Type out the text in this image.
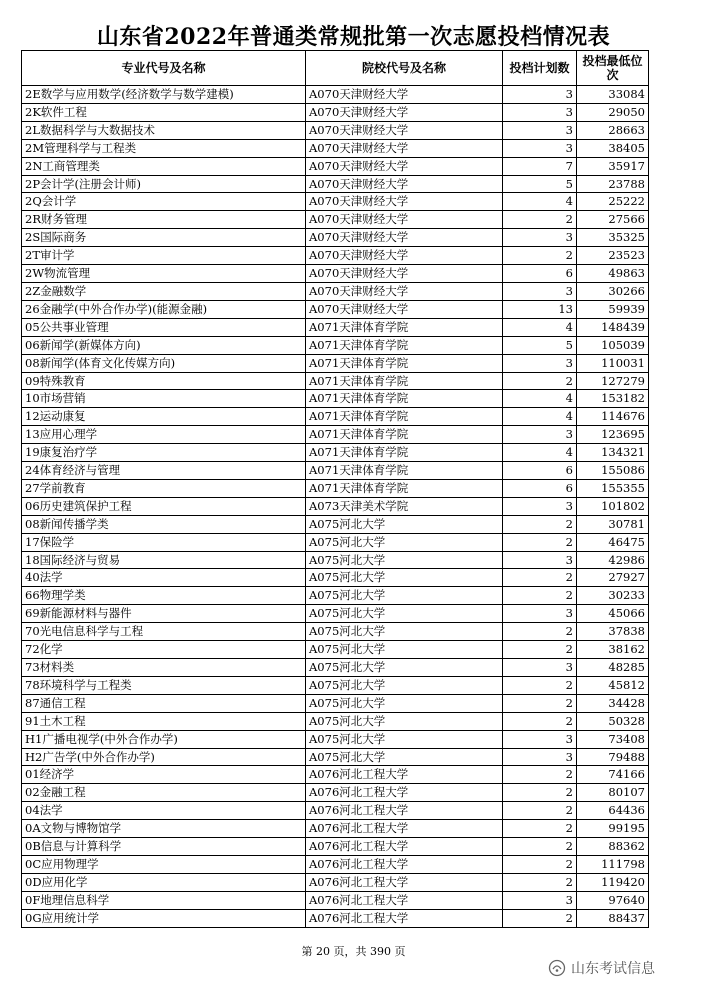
山东省2022年普通类常规批第一次志愿投档情况表
专业代号及名称	院校代号及名称	投档计划数	投档最低位
次
2E数学与应用数学(经济数学与数学建模)	A070天津财经大学	3	33084
2K软件工程	A070天津财经大学	3	29050
2L数据科学与大数据技术	A070天津财经大学	3	28663
2M管理科学与工程类	A070天津财经大学	3	38405
2N工商管理类	A070天津财经大学	7	35917
2P会计学(注册会计师)	A070天津财经大学	5	23788
2Q会计学	A070天津财经大学	4	25222
2R财务管理	A070天津财经大学	2	27566
2S国际商务	A070天津财经大学	3	35325
2T审计学	A070天津财经大学	2	23523
2W物流管理	A070天津财经大学	6	49863
2Z金融数学	A070天津财经大学	3	30266
26金融学(中外合作办学)(能源金融)	A070天津财经大学	13	59939
05公共事业管理	A071天津体育学院	4	148439
06新闻学(新媒体方向)	A071天津体育学院	5	105039
08新闻学(体育文化传媒方向)	A071天津体育学院	3	110031
09特殊教育	A071天津体育学院	2	127279
10市场营销	A071天津体育学院	4	153182
12运动康复	A071天津体育学院	4	114676
13应用心理学	A071天津体育学院	3	123695
19康复治疗学	A071天津体育学院	4	134321
24体育经济与管理	A071天津体育学院	6	155086
27学前教育	A071天津体育学院	6	155355
06历史建筑保护工程	A073天津美术学院	3	101802
08新闻传播学类	A075河北大学	2	30781
17保险学	A075河北大学	2	46475
18国际经济与贸易	A075河北大学	3	42986
40法学	A075河北大学	2	27927
66物理学类	A075河北大学	2	30233
69新能源材料与器件	A075河北大学	3	45066
70光电信息科学与工程	A075河北大学	2	37838
72化学	A075河北大学	2	38162
73材料类	A075河北大学	3	48285
78环境科学与工程类	A075河北大学	2	45812
87通信工程	A075河北大学	2	34428
91土木工程	A075河北大学	2	50328
H1广播电视学(中外合作办学)	A075河北大学	3	73408
H2广告学(中外合作办学)	A075河北大学	3	79488
01经济学	A076河北工程大学	2	74166
02金融工程	A076河北工程大学	2	80107
04法学	A076河北工程大学	2	64436
0A文物与博物馆学	A076河北工程大学	2	99195
0B信息与计算科学	A076河北工程大学	2	88362
0C应用物理学	A076河北工程大学	2	111798
0D应用化学	A076河北工程大学	2	119420
0F地理信息科学	A076河北工程大学	3	97640
0G应用统计学	A076河北工程大学	2	88437
第 20 页，共 390 页
山东考试信息
